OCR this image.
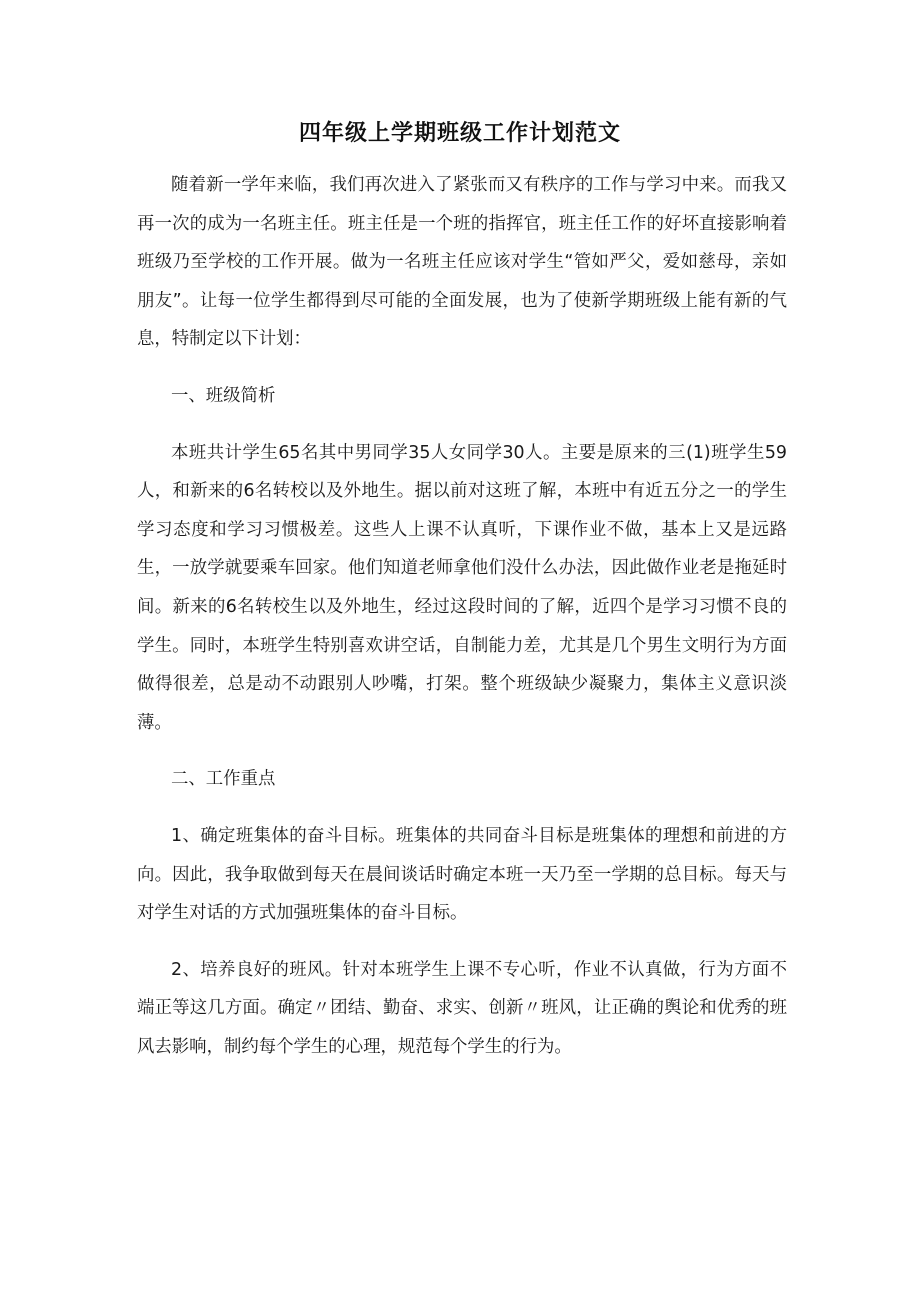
四年级上学期班级工作计划范文

随着新一学年来临，我们再次进入了紧张而又有秩序的工作与学习中来。而我又再一次的成为一名班主任。班主任是一个班的指挥官，班主任工作的好坏直接影响着班级乃至学校的工作开展。做为一名班主任应该对学生“管如严父，爱如慈母，亲如朋友”。让每一位学生都得到尽可能的全面发展，也为了使新学期班级上能有新的气息，特制定以下计划：

一、班级简析

本班共计学生65名其中男同学35人女同学30人。主要是原来的三(1)班学生59人，和新来的6名转校以及外地生。据以前对这班了解，本班中有近五分之一的学生学习态度和学习习惯极差。这些人上课不认真听，下课作业不做，基本上又是远路生，一放学就要乘车回家。他们知道老师拿他们没什么办法，因此做作业老是拖延时间。新来的6名转校生以及外地生，经过这段时间的了解，近四个是学习习惯不良的学生。同时，本班学生特别喜欢讲空话，自制能力差，尤其是几个男生文明行为方面做得很差，总是动不动跟别人吵嘴，打架。整个班级缺少凝聚力，集体主义意识淡薄。

二、工作重点

1、确定班集体的奋斗目标。班集体的共同奋斗目标是班集体的理想和前进的方向。因此，我争取做到每天在晨间谈话时确定本班一天乃至一学期的总目标。每天与对学生对话的方式加强班集体的奋斗目标。

2、培养良好的班风。针对本班学生上课不专心听，作业不认真做，行为方面不端正等这几方面。确定〃团结、勤奋、求实、创新〃班风，让正确的舆论和优秀的班风去影响，制约每个学生的心理，规范每个学生的行为。
